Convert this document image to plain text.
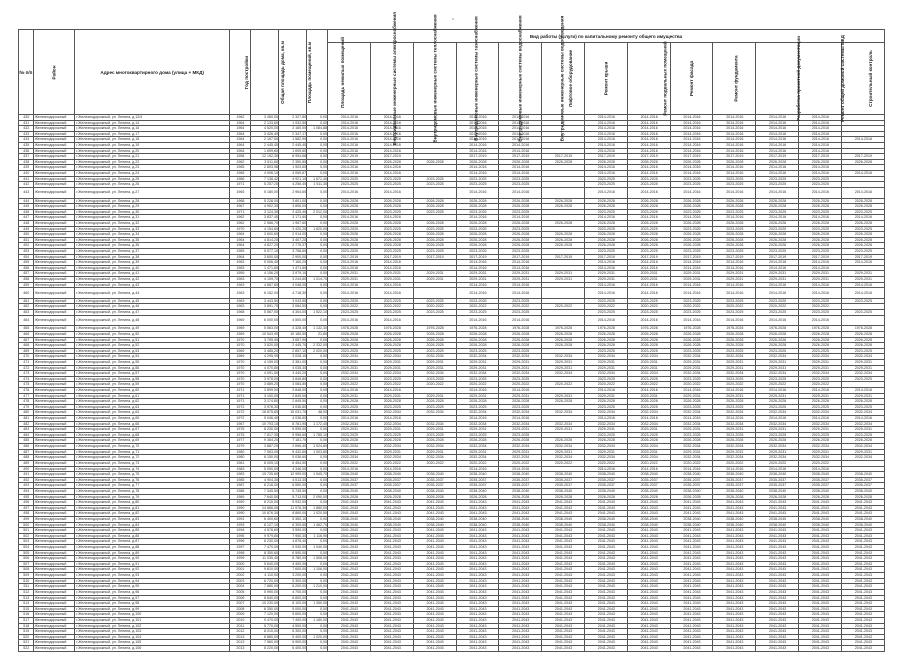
,
№ п/п	Район	Адрес многоквартирного дома (улица + МКД)	Год постройки	Общая площадь дома, кв.м	Площадь помещений, кв.м	Площадь нежилых помещений	Вид работы (услуги) по капитальному ремонту общего имущества												
							Внутридомовые инженерные системы электроснабжения	Внутридомовые инженерные системы теплоснабжения	Внутридомовые инженерные системы газоснабжения	Внутридомовые инженерные системы водоснабжения	Внутридомовые инженерные системы водоотведения	Лифтовое оборудование	Ремонт крыши	Ремонт подвальных помещений	Ремонт фасада	Ремонт фундамента	Разработка проектной документации	Ремонт общей домовой системы МКД	Строительный контроль
430	Железнодорожный	г.Железнодорожный, ул. Ленина, д.12/4	1962	3 460,00	2 327,80	0,00	2014-2016	2014-2016		2014-2016	2014-2016		2014-2016	2014-2016	2014-2016	2014-2016	2014-2016	2014-2016	
431	Железнодорожный	г.Железнодорожный, ул. Ленина, д.14	1964	2 133,60	1 932,50	0,00	2014-2016	2014-2016		2014-2016	2014-2016		2014-2016	2014-2016	2014-2016	2014-2016	2014-2016	2014-2016	
432	Железнодорожный	г.Железнодорожный, ул. Ленина, д.16	1964	4 520,00	2 160,00	1 084,88	2014-2016	2014-2016		2014-2016	2014-2016		2014-2016	2014-2016	2014-2016	2014-2016	2014-2016	2014-2016	
433	Железнодорожный	г.Железнодорожный, ул. Ленина, д.17	1964	3 426,40	2 347,17	0,00	2014-2016	2014-2016		2014-2016	2014-2016		2014-2016	2014-2016	2014-2016	2014-2016	2014-2016	2014-2016	
434	Железнодорожный	г.Железнодорожный, ул. Ленина, д.18	1964	2 167,50	1 582,90	0,00	2014-2016	2014-2016		2014-2016	2014-2016		2014-2016	2014-2016	2014-2016	2014-2016	2014-2016	2014-2016	2014-2016
435	Железнодорожный	г.Железнодорожный, ул. Ленина, д.19	1964	2 445,40	2 445,40	0,00	2014-2016	2014-2016		2014-2016	2014-2016		2014-2016	2014-2016	2014-2016	2014-2016	2014-2016	2014-2016	
436	Железнодорожный	г.Железнодорожный, ул. Ленина, д.20	1964	1 699,60	1 699,60	0,00	2014-2016	2014-2016		2014-2016	2014-2016		2014-2016	2014-2016	2014-2016	2014-2016	2014-2016	2014-2016	
437	Железнодорожный	г.Железнодорожный, ул. Ленина, д.21	1958	12 152,30	8 954,68	0,00	2017-2019	2017-2019		2017-2019	2017-2019	2017-2019	2017-2019	2017-2019	2017-2019	2017-2019	2017-2019	2017-2019	2017-2019
438	Железнодорожный	г.Железнодорожный, ул. Ленина, д.22	1962	3 511,60	2 350,80	0,00	2026-2028	2026-2028	2026-2028	2026-2028	2026-2028	2026-2028	2026-2028	2026-2028	2026-2028	2026-2028	2026-2028	2026-2028	2026-2028
439	Железнодорожный	г.Железнодорожный, ул. Ленина, д.23	1965	2 893,98	1 903,60	0,00	2014-2016	2014-2016		2014-2016	2014-2016		2014-2016	2014-2016	2014-2016	2014-2016	2014-2016	2014-2016	
440	Железнодорожный	г.Железнодорожный, ул. Ленина, д.24	1965	4 906,10	4 069,87	0,00	2014-2016	2014-2016		2014-2016	2014-2016		2014-2016	2014-2016	2014-2016	2014-2016	2014-2016	2014-2016	2014-2016
441	Железнодорожный	г.Железнодорожный, ул. Ленина, д.25	1966	7 138,42	4 921,10	1 671,40	2023-2025	2023-2025	2023-2025	2023-2025	2023-2025		2023-2025	2023-2025	2023-2025	2023-2025	2023-2025	2023-2025	
442	Железнодорожный	г.Железнодорожный, ул. Ленина, д.26	1971	5 257,20	4 256,40	1 511,30	2023-2025	2023-2025	2023-2025	2023-2025	2023-2025		2023-2025	2023-2025	2023-2025	2023-2025	2023-2025	2023-2025	
443	Железнодорожный	г.Железнодорожный, ул. Ленина, д.27	1965	5 180,00	2 964,60	0,00	2014-2016	2014-2016		2014-2016	2014-2016		2014-2016	2014-2016	2014-2016	2014-2016	2014-2016	2014-2016	2014-2016
444	Железнодорожный	г.Железнодорожный, ул. Ленина, д.28	1968	5 228,00	3 801,00	0,00	2026-2028	2026-2028	2026-2028	2026-2028	2026-2028	2026-2028	2026-2028	2026-2028	2026-2028	2026-2028	2026-2028	2026-2028	2026-2028
445	Железнодорожный	г.Железнодорожный, ул. Ленина, д.29	1967	4 902,30	3 806,00	0,00	2026-2028	2026-2028	2026-2028	2026-2028	2026-2028	2026-2028	2026-2028	2026-2028	2026-2028	2026-2028	2026-2028	2026-2028	2026-2028
446	Железнодорожный	г.Железнодорожный, ул. Ленина, д.30	1971	3 124,30	2 425,40	2 012,00	2023-2025	2023-2025	2023-2025	2023-2025	2023-2025		2023-2025	2023-2025	2023-2025	2023-2025	2023-2025	2023-2025	2023-2025
447	Железнодорожный	г.Железнодорожный, ул. Ленина, д.31	1962	3 837,40	3 171,60	0,00	2014-2016	2014-2016		2014-2016	2014-2016		2014-2016	2014-2016	2014-2016	2014-2016	2014-2016	2014-2016	2014-2016
448	Железнодорожный	г.Железнодорожный, ул. Ленина, д.32	1962	2 566,70	1 967,60	0,00	2026-2028	2026-2028	2026-2028	2026-2028	2026-2028	2026-2028	2026-2028	2026-2028	2026-2028	2026-2028	2026-2028	2026-2028	2026-2028
449	Железнодорожный	г.Железнодорожный, ул. Ленина, д.33	1970	4 154,60	3 420,20	1 620,00	2023-2025	2023-2025	2023-2025	2023-2025	2023-2025		2023-2025	2023-2025	2023-2025	2023-2025	2023-2025	2023-2025	2023-2025
450	Железнодорожный	г.Железнодорожный, ул. Ленина, д.34	1964	3 600,60	2 914,00	0,00	2026-2028	2026-2028	2026-2028	2026-2028	2026-2028	2026-2028	2026-2028	2026-2028	2026-2028	2026-2028	2026-2028	2026-2028	2026-2028
451	Железнодорожный	г.Железнодорожный, ул. Ленина, д.35	1964	4 814,20	3 407,20	0,00	2026-2028	2026-2028	2026-2028	2026-2028	2026-2028	2026-2028	2026-2028	2026-2028	2026-2028	2026-2028	2026-2028	2026-2028	2026-2028
452	Железнодорожный	г.Железнодорожный, ул. Ленина, д.36	1964	4 627,20	2 770,37	0,00	2026-2028	2026-2028	2026-2028	2026-2028	2026-2028	2026-2028	2026-2028	2026-2028	2026-2028	2026-2028	2026-2028	2026-2028	2026-2028
453	Железнодорожный	г.Железнодорожный, ул. Ленина, д.37	1965	5 077,10	3 758,60	0,00	2023-2025	2023-2025	2023-2025	2023-2025	2023-2025		2023-2025	2023-2025	2023-2025	2023-2025	2023-2025	2023-2025	2023-2025
454	Железнодорожный	г.Железнодорожный, ул. Ленина, д.38	1964	3 800,00	2 900,00	0,00	2017-2019	2017-2019	2017-2019	2017-2019	2017-2019	2017-2019	2017-2019	2017-2019	2017-2019	2017-2019	2017-2019	2017-2019	2017-2019
455	Железнодорожный	г.Железнодорожный, ул. Ленина, д.39	1963	9 006,40	7 160,20	0,00	2014-2016	2014-2016		2014-2016	2014-2016		2014-2016	2014-2016	2014-2016	2014-2016	2014-2016	2014-2016	2014-2016
456	Железнодорожный	г.Железнодорожный, ул. Ленина, д.40	1963	1 471,60	1 471,60	0,00	2014-2016	2014-2016		2014-2016	2014-2016		2014-2016	2014-2016	2014-2016	2014-2016	2014-2016	2014-2016	
457	Железнодорожный	г.Железнодорожный, ул. Ленина, д.41	1959	4 156,20	3 979,10	0,00	2029-2031	2029-2031	2029-2031	2029-2031	2029-2031	2029-2031	2029-2031	2029-2031	2029-2031	2029-2031	2029-2031	2029-2031	2029-2031
458	Железнодорожный	г.Железнодорожный, ул. Ленина, д.42	1963	4 159,70	3 244,60	1 014,70	2029-2031	2029-2031	2029-2031	2029-2031	2029-2031	2029-2031	2029-2031	2029-2031	2029-2031	2029-2031	2029-2031	2029-2031	2029-2031
459	Железнодорожный	г.Железнодорожный, ул. Ленина, д.43	1963	4 667,60	4 048,00	0,00	2014-2016	2014-2016		2014-2016	2014-2016		2014-2016	2014-2016	2014-2016	2014-2016	2014-2016	2014-2016	2014-2016
460	Железнодорожный	г.Железнодорожный, ул. Ленина, д.44	1963	6 152,00	4 718,30	0,00	2014-2016	2014-2016		2014-2016	2014-2016		2014-2016	2014-2016	2014-2016	2014-2016	2014-2016	2014-2016	2014-2016
461	Железнодорожный	г.Железнодорожный, ул. Ленина, д.45	1963	3 443,50	3 043,50	0,00	2023-2025	2023-2025	2023-2025	2023-2025	2023-2025		2023-2025	2023-2025	2023-2025	2023-2025	2023-2025	2023-2025	2023-2025
462	Железнодорожный	г.Железнодорожный, ул. Ленина, д.46	1963	3 891,70	3 084,50	0,00	2020-2022	2020-2022	2020-2022	2020-2022	2020-2022	2020-2022	2020-2022	2020-2022	2020-2022	2020-2022	2020-2022	2020-2022	
463	Железнодорожный	г.Железнодорожный, ул. Ленина, д.47	1968	5 567,00	4 304,00	1 522,10	2023-2025	2023-2025	2023-2025	2023-2025	2023-2025		2023-2025	2023-2025	2023-2025	2023-2025	2023-2025	2023-2025	2023-2025
464	Железнодорожный	г.Железнодорожный, ул. Ленина, д.48	1969	6 000,00	4 500,00	0,00	2014-2016	2014-2016		2014-2016	2014-2016		2014-2016	2014-2016	2014-2016	2014-2016	2014-2016	2014-2016	
465	Железнодорожный	г.Железнодорожный, ул. Ленина, д.49	1969	5 563,00	4 328,40	1 132,30	1976-2028	1976-2028	1976-2028	1976-2028	1976-2028	1976-2028	1976-2028	1976-2028	1976-2028	1976-2028	1976-2028	1976-2028	1976-2028
466	Железнодорожный	г.Железнодорожный, ул. Ленина, д.50	1969	10 543,90	10 180,50	21,80	2026-2028	2026-2028	2026-2028	2026-2028	2026-2028	2026-2028	2026-2028	2026-2028	2026-2028	2026-2028	2026-2028	2026-2028	2026-2028
467	Железнодорожный	г.Железнодорожный, ул. Ленина, д.51	1970	3 795,90	3 657,90	0,00	2026-2028	2026-2028	2026-2028	2026-2028	2026-2028	2026-2028	2026-2028	2026-2028	2026-2028	2026-2028	2026-2028	2026-2028	2026-2028
468	Железнодорожный	г.Железнодорожный, ул. Ленина, д.52	1970	3 520,00	2 445,70	2 332,00	2026-2028	2026-2028	2026-2028	2026-2028	2026-2028	2026-2028	2026-2028	2026-2028	2026-2028	2026-2028	2026-2028	2026-2028	2026-2028
469	Железнодорожный	г.Железнодорожный, ул. Ленина, д.53	1969	3 485,20	2 857,10	2 020,00	2023-2025	2023-2025	2023-2025	2023-2025	2023-2025		2023-2025	2023-2025	2023-2025	2023-2025	2023-2025	2023-2025	2023-2025
470	Железнодорожный	г.Железнодорожный, ул. Ленина, д.54	1969	4 295,90	3 028,10	0,00	2032-2034	2032-2034	2032-2034	2032-2034	2032-2034	2032-2034	2032-2034	2032-2034	2032-2034	2032-2034	2032-2034	2032-2034	2032-2034
471	Железнодорожный	г.Железнодорожный, ул. Ленина, д.55	1970	4 159,00	3 381,00	0,00	2029-2031	2029-2031	2029-2031	2029-2031	2029-2031	2029-2031	2029-2031	2029-2031	2029-2031	2029-2031	2029-2031	2029-2031	2029-2031
472	Железнодорожный	г.Железнодорожный, ул. Ленина, д.56	1970	4 070,80	4 035,30	0,00	2029-2031	2029-2031	2029-2031	2029-2031	2029-2031	2029-2031	2029-2031	2029-2031	2029-2031	2029-2031	2029-2031	2029-2031	2029-2031
473	Железнодорожный	г.Железнодорожный, ул. Ленина, д.57	1970	4 091,50	3 440,20	0,00	2032-2034	2032-2034	2032-2034	2032-2034	2032-2034	2032-2034	2032-2034	2032-2034	2032-2034	2032-2034	2032-2034	2032-2034	2032-2034
474	Железнодорожный	г.Железнодорожный, ул. Ленина, д.58	1970	3 978,00	3 846,80	0,00	2023-2025	2023-2025	2023-2025	2023-2025	2023-2025		2023-2025	2023-2025	2023-2025	2023-2025	2023-2025	2023-2025	2023-2025
475	Железнодорожный	г.Железнодорожный, ул. Ленина, д.59	1970	3 889,20	3 084,80	0,00	2020-2022	2020-2022	2020-2022	2020-2022	2020-2022	2020-2022	2020-2022	2020-2022	2020-2022	2020-2022	2020-2022	2020-2022	
476	Железнодорожный	г.Железнодорожный, ул. Ленина, д.60	1971	3 899,00	2 848,00	0,00	2014-2016	2014-2016		2014-2016	2014-2016		2014-2016	2014-2016	2014-2016	2014-2016	2014-2016	2014-2016	2014-2016
477	Железнодорожный	г.Железнодорожный, ул. Ленина, д.61	1971	3 100,00	2 849,00	0,00	2029-2031	2029-2031	2029-2031	2029-2031	2029-2031	2029-2031	2029-2031	2029-2031	2029-2031	2029-2031	2029-2031	2029-2031	2029-2031
478	Железнодорожный	г.Железнодорожный, ул. Ленина, д.62	1971	3 174,80	2 849,50	0,00	2026-2028	2026-2028	2026-2028	2026-2028	2026-2028	2026-2028	2026-2028	2026-2028	2026-2028	2026-2028	2026-2028	2026-2028	2026-2028
479	Железнодорожный	г.Железнодорожный, ул. Ленина, д.63	1972	3 976,30	3 036,80	0,00	2023-2025	2023-2025	2023-2025	2023-2025	2023-2025		2023-2025	2023-2025	2023-2025	2023-2025	2023-2025	2023-2025	2023-2025
480	Железнодорожный	г.Железнодорожный, ул. Ленина, д.64	1972	18 875,60	15 031,70	48,00	2032-2034	2032-2034	2032-2034	2032-2034	2032-2034	2032-2034	2032-2034	2032-2034	2032-2034	2032-2034	2032-2034	2032-2034	2032-2034
481	Железнодорожный	г.Железнодорожный, ул. Ленина, д.65	1972	5 046,40	4 036,60	0,00	2014-2016	2014-2016		2014-2016	2014-2016		2014-2016	2014-2016	2014-2016	2014-2016	2014-2016	2014-2016	2014-2016
482	Железнодорожный	г.Железнодорожный, ул. Ленина, д.66	1967	10 793,10	8 781,90	1 172,40	2032-2034	2032-2034	2032-2034	2032-2034	2032-2034	2032-2034	2032-2034	2032-2034	2032-2034	2032-2034	2032-2034	2032-2034	2032-2034
483	Железнодорожный	г.Железнодорожный, ул. Ленина, д.67	1975	8 230,00	5 955,00	0,00	2029-2031	2029-2031	2029-2031	2029-2031	2029-2031	2029-2031	2029-2031	2029-2031	2029-2031	2029-2031	2029-2031	2029-2031	2029-2031
484	Железнодорожный	г.Железнодорожный, ул. Ленина, д.68	1975	7 817,30	5 956,60	1 785,10	2023-2025	2023-2025	2023-2025	2023-2025	2023-2025		2023-2025	2023-2025	2023-2025	2023-2025	2023-2025	2023-2025	2023-2025
485	Железнодорожный	г.Железнодорожный, ул. Ленина, д.69	1977	9 364,20	7 181,70	0,00	2026-2028	2026-2028	2026-2028	2026-2028	2026-2028	2026-2028	2026-2028	2026-2028	2026-2028	2026-2028	2026-2028	2026-2028	2026-2028
486	Железнодорожный	г.Железнодорожный, ул. Ленина, д.70	1979	3 887,20	2 696,40	1 024,80	2032-2034	2032-2034	2032-2034	2032-2034	2032-2034	2032-2034	2032-2034	2032-2034	2032-2034	2032-2034	2032-2034	2032-2034	2032-2034
487	Железнодорожный	г.Железнодорожный, ул. Ленина, д.71	1980	7 063,00	5 432,60	1 003,80	2029-2031	2029-2031	2029-2031	2029-2031	2029-2031	2029-2031	2029-2031	2029-2031	2029-2031	2029-2031	2029-2031	2029-2031	2029-2031
488	Железнодорожный	г.Железнодорожный, ул. Ленина, д.72	1980	6 150,00	5 036,60	0,00	2032-2034	2032-2034	2032-2034	2032-2034	2032-2034	2032-2034	2032-2034	2032-2034	2032-2034	2032-2034	2032-2034	2032-2034	2032-2034
489	Железнодорожный	г.Железнодорожный, ул. Ленина, д.73	1981	8 005,10	6 454,50	0,00	2020-2022	2020-2022	2020-2022	2020-2022	2020-2022	2020-2022	2020-2022	2020-2022	2020-2022	2020-2022	2020-2022	2020-2022	
490	Железнодорожный	г.Железнодорожный, ул. Ленина, д.74	1983	5 090,00	4 346,00	0,00	2014-2016	2014-2016		2014-2016	2014-2016		2014-2016	2014-2016	2014-2016	2014-2016	2014-2016	2014-2016	
491	Железнодорожный	г.Железнодорожный, ул. Ленина, д.75	1983	15 735,80	12 999,00	1 545,70	2038-2040	2038-2040	2038-2040	2038-2040	2038-2040	2038-2040	2038-2040	2038-2040	2038-2040	2038-2040	2038-2040	2038-2040	2038-2040
492	Железнодорожный	г.Железнодорожный, ул. Ленина, д.76	1985	4 904,30	4 013,30	0,00	2035-2037	2035-2037	2035-2037	2035-2037	2035-2037	2035-2037	2035-2037	2035-2037	2035-2037	2035-2037	2035-2037	2035-2037	2035-2037
493	Железнодорожный	г.Железнодорожный, ул. Ленина, д.77	1987	8 216,00	6 550,00	0,00	2035-2037	2035-2037	2035-2037	2035-2037	2035-2037	2035-2037	2035-2037	2035-2037	2035-2037	2035-2037	2035-2037	2035-2037	2035-2037
494	Железнодорожный	г.Железнодорожный, ул. Ленина, д.78	1988	7 345,50	5 745,50	0,00	2038-2040	2038-2040	2038-2040	2038-2040	2038-2040	2038-2040	2038-2040	2038-2040	2038-2040	2038-2040	2038-2040	2038-2040	2038-2040
495	Железнодорожный	г.Железнодорожный, ул. Ленина, д.79	1989	7 640,50	5 713,00	2 090,00	2026-2028	2026-2028	2026-2028	2026-2028	2026-2028	2026-2028	2026-2028	2026-2028	2026-2028	2026-2028	2026-2028	2026-2028	2026-2028
496	Железнодорожный	г.Железнодорожный, ул. Ленина, д.80	1990	8 210,00	5 932,00	0,00	2041-2043	2041-2043	2041-2043	2041-2043	2041-2043	2041-2043	2041-2043	2041-2043	2041-2043	2041-2043	2041-2043	2041-2043	2041-2043
497	Железнодорожный	г.Железнодорожный, ул. Ленина, д.81	1990	14 666,00	11 576,30	1 880,00	2041-2043	2041-2043	2041-2043	2041-2043	2041-2043	2041-2043	2041-2043	2041-2043	2041-2043	2041-2043	2041-2043	2041-2043	2041-2043
498	Железнодорожный	г.Железнодорожный, ул. Ленина, д.82	1990	10 876,30	8 860,00	1 020,50	2041-2043	2041-2043	2041-2043	2041-2043	2041-2043	2041-2043	2041-2043	2041-2043	2041-2043	2041-2043	2041-2043	2041-2043	2041-2043
499	Железнодорожный	г.Железнодорожный, ул. Ленина, д.83	1991	6 400,60	5 360,10	0,00	2038-2040	2038-2040	2038-2040	2038-2040	2038-2040	2038-2040	2038-2040	2038-2040	2038-2040	2038-2040	2038-2040	2038-2040	2038-2040
500	Железнодорожный	г.Железнодорожный, ул. Ленина, д.84	1993	8 127,10	6 300,60	1 462,70	2038-2040	2038-2040	2038-2040	2038-2040	2038-2040	2038-2040	2038-2040	2038-2040	2038-2040	2038-2040	2038-2040	2038-2040	2038-2040
501	Железнодорожный	г.Железнодорожный, ул. Ленина, д.85	1994	4 576,60	3 590,00	0,00	2041-2043	2041-2043	2041-2043	2041-2043	2041-2043	2041-2043	2041-2043	2041-2043	2041-2043	2041-2043	2041-2043	2041-2043	2041-2043
502	Железнодорожный	г.Железнодорожный, ул. Ленина, д.86	1995	9 979,80	7 950,30	1 116,90	2041-2043	2041-2043	2041-2043	2041-2043	2041-2043	2041-2043	2041-2043	2041-2043	2041-2043	2041-2043	2041-2043	2041-2043	2041-2043
503	Железнодорожный	г.Железнодорожный, ул. Ленина, д.87	1996	6 230,00	4 876,40	0,00	2041-2043	2041-2043	2041-2043	2041-2043	2041-2043	2041-2043	2041-2043	2041-2043	2041-2043	2041-2043	2041-2043	2041-2043	2041-2043
504	Железнодорожный	г.Железнодорожный, ул. Ленина, д.88	1997	7 470,00	5 930,00	1 040,00	2041-2043	2041-2043	2041-2043	2041-2043	2041-2043	2041-2043	2041-2043	2041-2043	2041-2043	2041-2043	2041-2043	2041-2043	2041-2043
505	Железнодорожный	г.Железнодорожный, ул. Ленина, д.89	1998	8 350,60	6 590,00	0,00	2041-2043	2041-2043	2041-2043	2041-2043	2041-2043	2041-2043	2041-2043	2041-2043	2041-2043	2041-2043	2041-2043	2041-2043	2041-2043
506	Железнодорожный	г.Железнодорожный, ул. Ленина, д.90	1999	11 030,40	8 780,00	1 508,00	2041-2043	2041-2043	2041-2043	2041-2043	2041-2043	2041-2043	2041-2043	2041-2043	2041-2043	2041-2043	2041-2043	2041-2043	2041-2043
507	Железнодорожный	г.Железнодорожный, ул. Ленина, д.91	2000	5 640,00	4 400,00	0,00	2041-2043	2041-2043	2041-2043	2041-2043	2041-2043	2041-2043	2041-2043	2041-2043	2041-2043	2041-2043	2041-2043	2041-2043	2041-2043
508	Железнодорожный	г.Железнодорожный, ул. Ленина, д.92	2001	9 810,00	7 600,00	1 106,00	2041-2043	2041-2043	2041-2043	2041-2043	2041-2043	2041-2043	2041-2043	2041-2043	2041-2043	2041-2043	2041-2043	2041-2043	2041-2043
509	Железнодорожный	г.Железнодорожный, ул. Ленина, д.93	2002	4 110,00	3 200,00	0,00	2041-2043	2041-2043	2041-2043	2041-2043	2041-2043	2041-2043	2041-2043	2041-2043	2041-2043	2041-2043	2041-2043	2041-2043	2041-2043
510	Железнодорожный	г.Железнодорожный, ул. Ленина, д.94	2003	6 720,00	5 300,00	0,00	2041-2043	2041-2043	2041-2043	2041-2043	2041-2043	2041-2043	2041-2043	2041-2043	2041-2043	2041-2043	2041-2043	2041-2043	2041-2043
511	Железнодорожный	г.Железнодорожный, ул. Ленина, д.95	2004	7 880,00	6 200,00	1 210,00	2041-2043	2041-2043	2041-2043	2041-2043	2041-2043	2041-2043	2041-2043	2041-2043	2041-2043	2041-2043	2041-2043	2041-2043	2041-2043
512	Железнодорожный	г.Железнодорожный, ул. Ленина, д.96	2005	5 990,00	4 700,00	0,00	2041-2043	2041-2043	2041-2043	2041-2043	2041-2043	2041-2043	2041-2043	2041-2043	2041-2043	2041-2043	2041-2043	2041-2043	2041-2043
513	Железнодорожный	г.Железнодорожный, ул. Ленина, д.97	2006	8 640,00	6 800,00	0,00	2041-2043	2041-2043	2041-2043	2041-2043	2041-2043	2041-2043	2041-2043	2041-2043	2041-2043	2041-2043	2041-2043	2041-2043	2041-2043
514	Железнодорожный	г.Железнодорожный, ул. Ленина, д.98	2007	10 230,00	8 100,00	1 350,00	2041-2043	2041-2043	2041-2043	2041-2043	2041-2043	2041-2043	2041-2043	2041-2043	2041-2043	2041-2043	2041-2043	2041-2043	2041-2043
515	Железнодорожный	г.Железнодорожный, ул. Ленина, д.99	2008	6 350,00	5 000,00	0,00	2041-2043	2041-2043	2041-2043	2041-2043	2041-2043	2041-2043	2041-2043	2041-2043	2041-2043	2041-2043	2041-2043	2041-2043	2041-2043
516	Железнодорожный	г.Железнодорожный, ул. Ленина, д.100	2009	7 120,00	5 600,00	0,00	2041-2043	2041-2043	2041-2043	2041-2043	2041-2043	2041-2043	2041-2043	2041-2043	2041-2043	2041-2043	2041-2043	2041-2043	2041-2043
517	Железнодорожный	г.Железнодорожный, ул. Ленина, д.101	2010	9 470,00	7 400,00	1 180,00	2041-2043	2041-2043	2041-2043	2041-2043	2041-2043	2041-2043	2041-2043	2041-2043	2041-2043	2041-2043	2041-2043	2041-2043	2041-2043
518	Железнодорожный	г.Железнодорожный, ул. Ленина, д.102	2011	5 770,00	4 500,00	0,00	2041-2043	2041-2043	2041-2043	2041-2043	2041-2043	2041-2043	2041-2043	2041-2043	2041-2043	2041-2043	2041-2043	2041-2043	2041-2043
519	Железнодорожный	г.Железнодорожный, ул. Ленина, д.103	2012	8 010,00	6 300,00	0,00	2041-2043	2041-2043	2041-2043	2041-2043	2041-2043	2041-2043	2041-2043	2041-2043	2041-2043	2041-2043	2041-2043	2041-2043	2041-2043
520	Железнодорожный	г.Железнодорожный, ул. Ленина, д.104	2013	6 880,00	5 400,00	1 020,00	2041-2043	2041-2043	2041-2043	2041-2043	2041-2043	2041-2043	2041-2043	2041-2043	2041-2043	2041-2043	2041-2043	2041-2043	2041-2043
521	Железнодорожный	г.Железнодорожный, ул. Ленина, д.105	2013	7 560,00	5 900,00	0,00	2041-2043	2041-2043	2041-2043	2041-2043	2041-2043	2041-2043	2041-2043	2041-2043	2041-2043	2041-2043	2041-2043	2041-2043	2041-2043
522	Железнодорожный	г.Железнодорожный, ул. Ленина, д.106	2013	8 220,00	6 400,00	0,00	2041-2043	2041-2043	2041-2043	2041-2043	2041-2043	2041-2043	2041-2043	2041-2043	2041-2043	2041-2043	2041-2043	2041-2043	2041-2043
